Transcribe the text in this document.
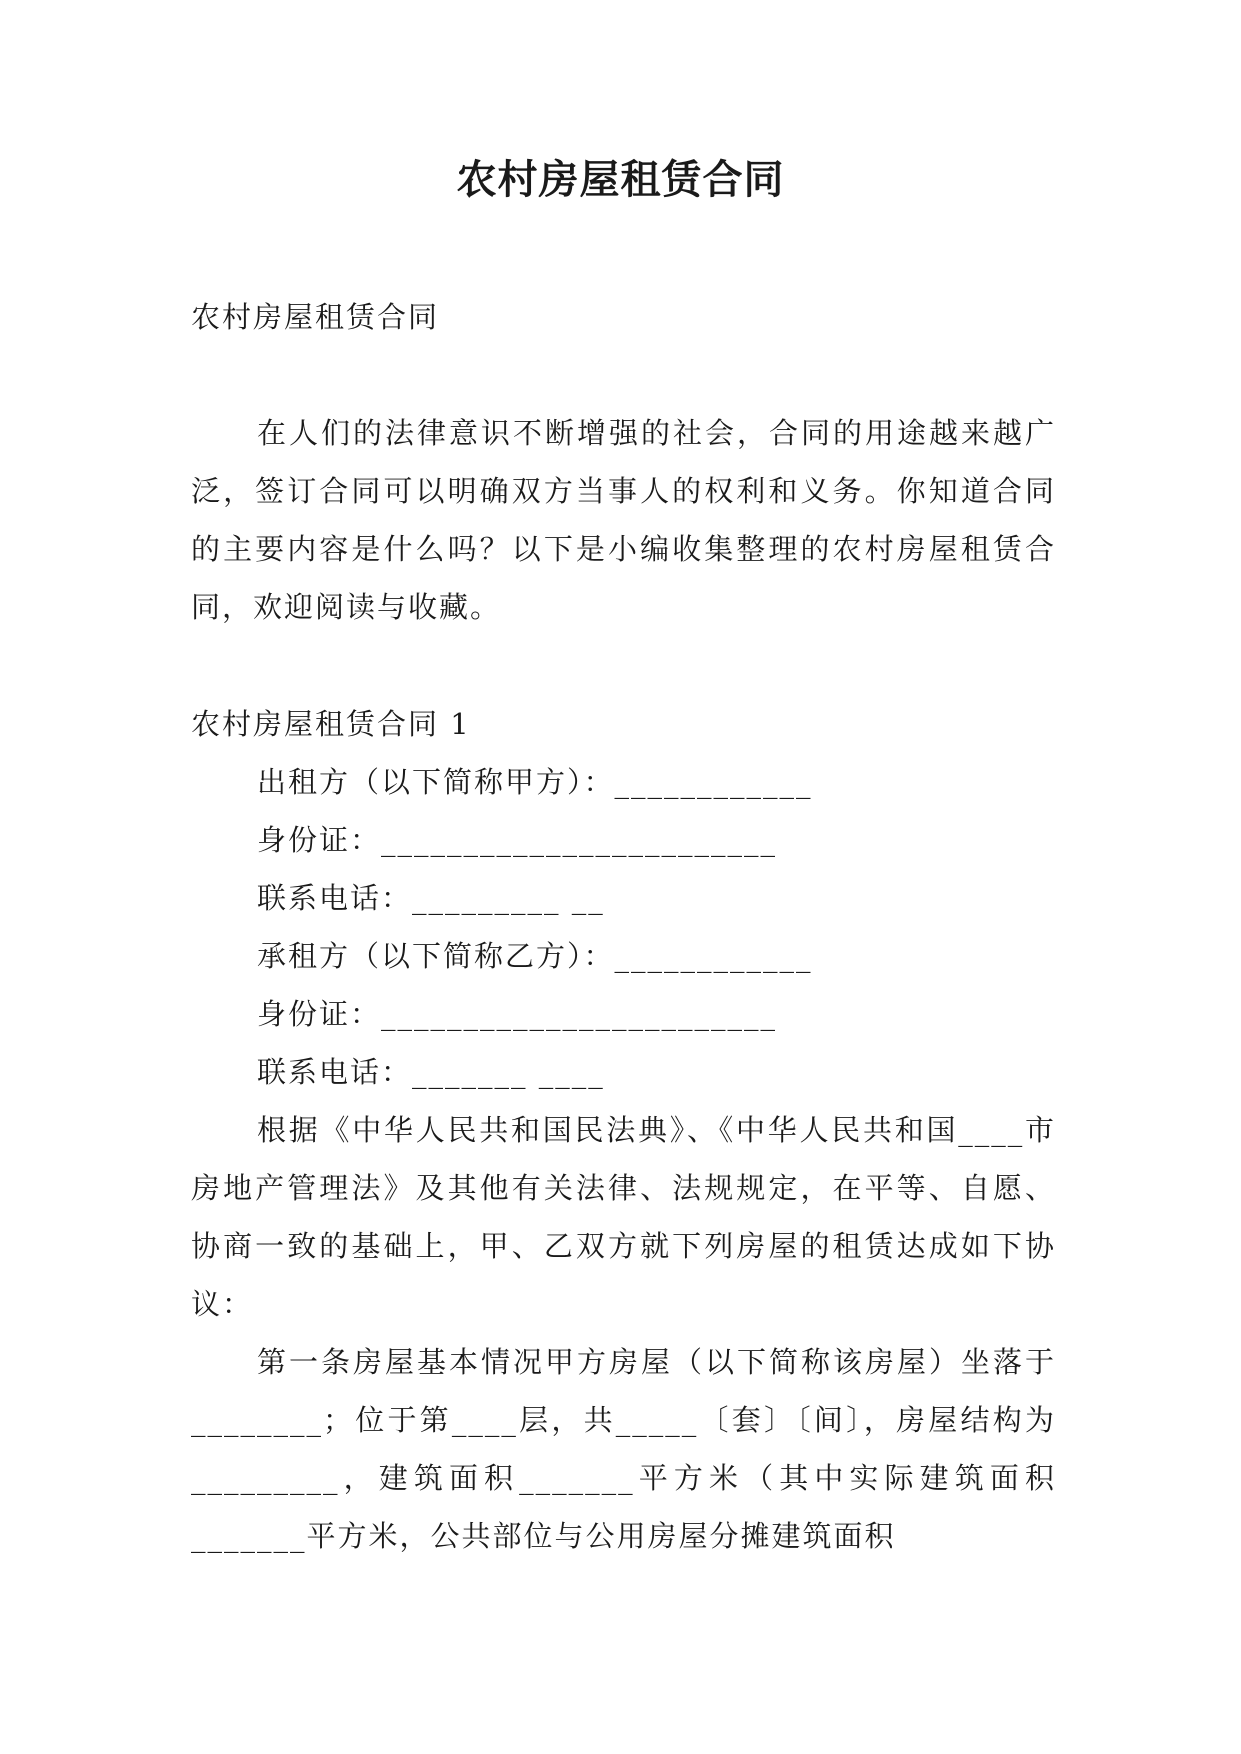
农村房屋租赁合同
农村房屋租赁合同
在人们的法律意识不断增强的社会，合同的用途越来越广泛，签订合同可以明确双方当事人的权利和义务。你知道合同的主要内容是什么吗？以下是小编收集整理的农村房屋租赁合同，欢迎阅读与收藏。

农村房屋租赁合同 1

出租方（以下简称甲方）：____________

身份证：________________________

联系电话：_________ __

承租方（以下简称乙方）：____________

身份证：________________________

联系电话：_______ ____

根据《中华人民共和国民法典》、《中华人民共和国____市房地产管理法》及其他有关法律、法规规定，在平等、自愿、协商一致的基础上，甲、乙双方就下列房屋的租赁达成如下协议：

第一条房屋基本情况甲方房屋（以下简称该房屋）坐落于________；位于第____层，共_____〔套〕〔间〕，房屋结构为_________，建筑面积_______平方米（其中实际建筑面积_______平方米，公共部位与公用房屋分摊建筑面积
